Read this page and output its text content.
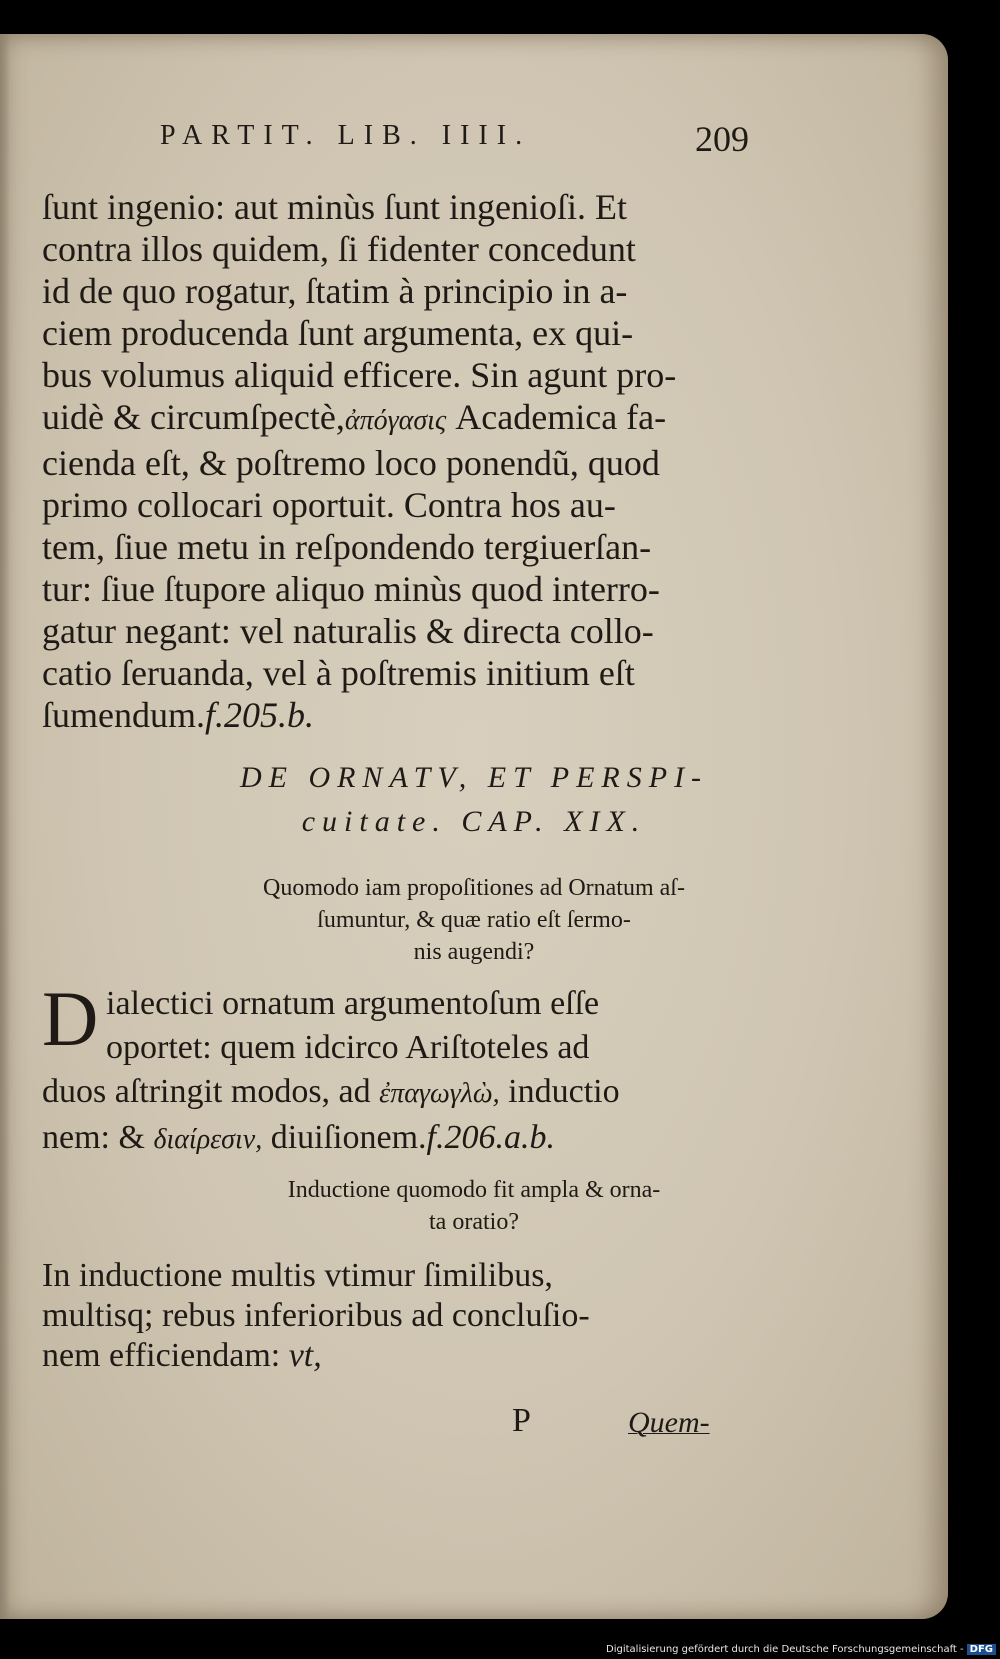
PARTIT. LIB. IIII.	209
ſunt ingenio: aut minùs ſunt ingenioſi. Et
contra illos quidem, ſi fidenter concedunt
id de quo rogatur, ſtatim à principio in a-
ciem producenda ſunt argumenta, ex qui-
bus volumus aliquid efficere. Sin agunt pro-
uidè & circumſpectè,ἀπόγασις Academica fa-
cienda eſt, & poſtremo loco ponendũ, quod
primo collocari oportuit. Contra hos au-
tem, ſiue metu in reſpondendo tergiuerſan-
tur: ſiue ſtupore aliquo minùs quod interro-
gatur negant: vel naturalis & directa collo-
catio ſeruanda, vel à poſtremis initium eſt
ſumendum.f.205.b.
DE ORNATV, ET PERSPI-
cuitate. CAP. XIX.
Quomodo iam propoſitiones ad Ornatum aſ-
ſumuntur, & quæ ratio eſt ſermo-
nis augendi?
D ialectici ornatum argumentoſum eſſe
oportet: quem idcirco Ariſtoteles ad
duos aſtringit modos, ad ἐπαγωγλὼ, inductio
nem: & διαίρεσιν, diuiſionem.f.206.a.b.
Inductione quomodo fit ampla & orna-
ta oratio?
In inductione multis vtimur ſimilibus,
multisq; rebus inferioribus ad concluſio-
nem efficiendam: vt,
P	Quem-
Digitalisierung gefördert durch die Deutsche Forschungsgemeinschaft - DFG
